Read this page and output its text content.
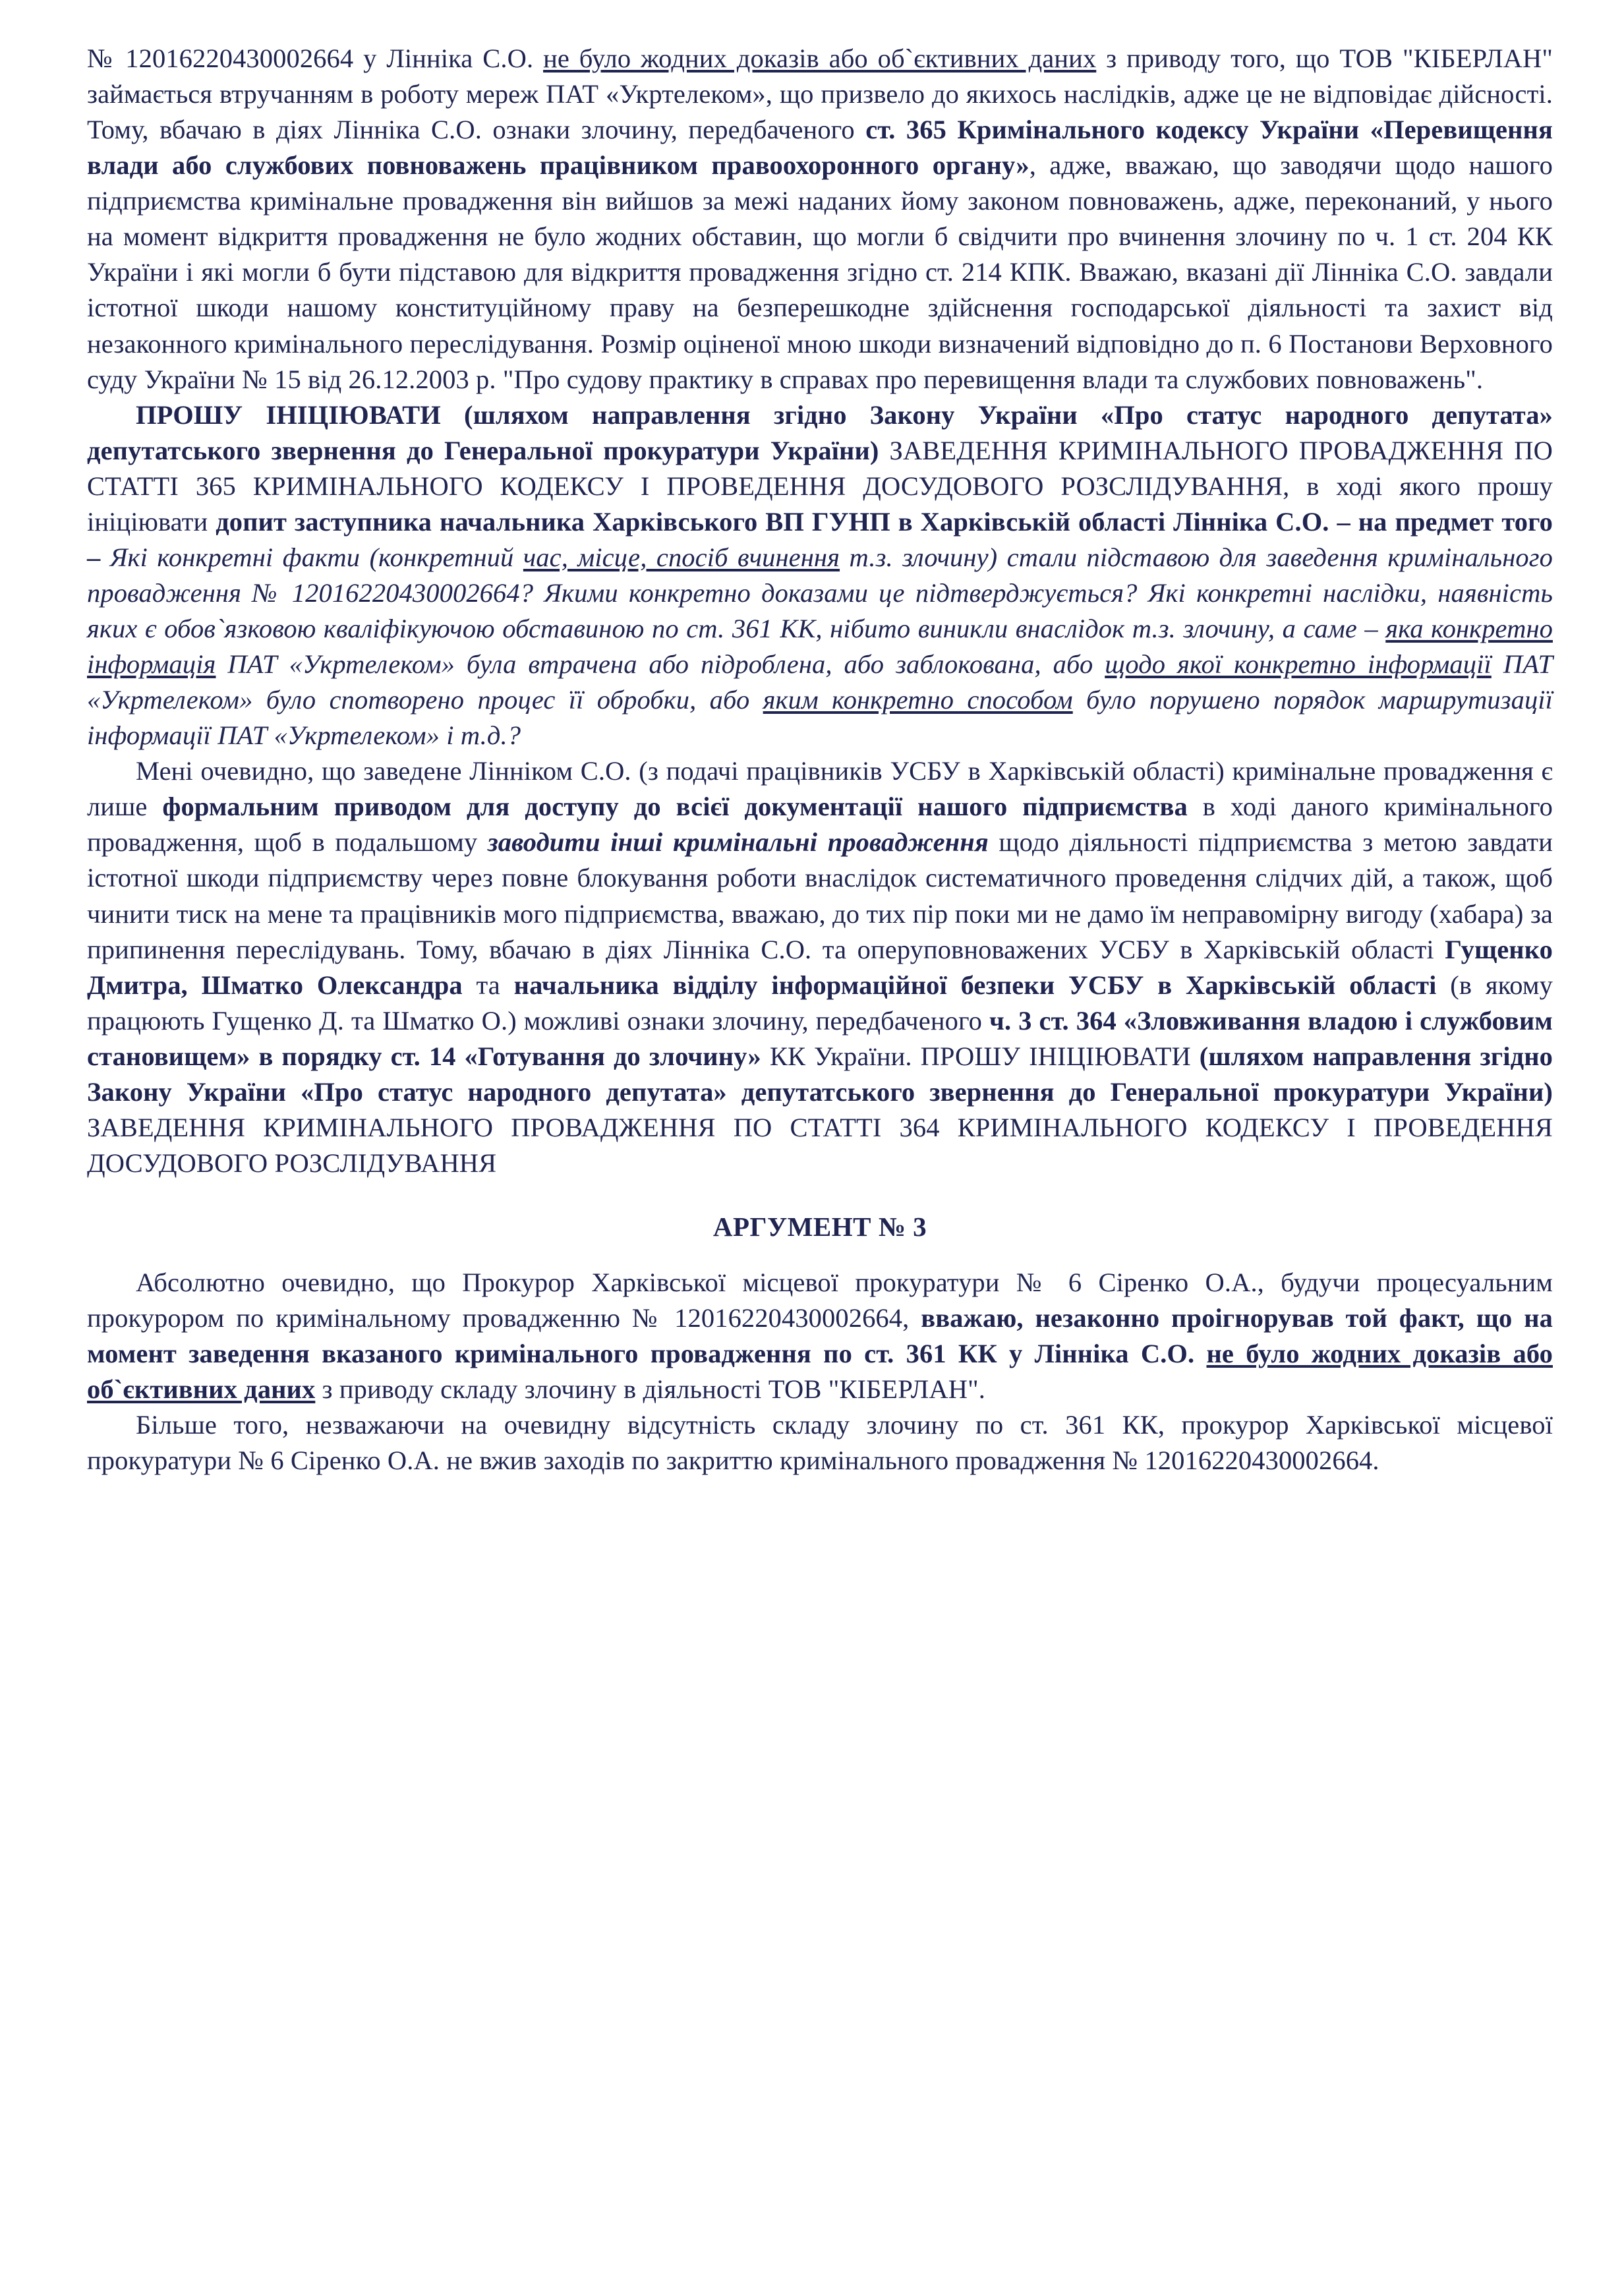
№ 12016220430002664 у Лінніка С.О. не було жодних доказів або об`єктивних даних з приводу того, що ТОВ "КІБЕРЛАН" займається втручанням в роботу мереж ПАТ «Укртелеком», що призвело до якихось наслідків, адже це не відповідає дійсності. Тому, вбачаю в діях Лінніка С.О. ознаки злочину, передбаченого ст. 365 Кримінального кодексу України «Перевищення влади або службових повноважень працівником правоохоронного органу», адже, вважаю, що заводячи щодо нашого підприємства кримінальне провадження він вийшов за межі наданих йому законом повноважень, адже, переконаний, у нього на момент відкриття провадження не було жодних обставин, що могли б свідчити про вчинення злочину по ч. 1 ст. 204 КК України і які могли б бути підставою для відкриття провадження згідно ст. 214 КПК. Вважаю, вказані дії Лінніка С.О. завдали істотної шкоди нашому конституційному праву на безперешкодне здійснення господарської діяльності та захист від незаконного кримінального переслідування. Розмір оціненої мною шкоди визначений відповідно до п. 6 Постанови Верховного суду України № 15 від 26.12.2003 р. "Про судову практику в справах про перевищення влади та службових повноважень".

ПРОШУ ІНІЦІЮВАТИ (шляхом направлення згідно Закону України «Про статус народного депутата» депутатського звернення до Генеральної прокуратури України) ЗАВЕДЕННЯ КРИМІНАЛЬНОГО ПРОВАДЖЕННЯ ПО СТАТТІ 365 КРИМІНАЛЬНОГО КОДЕКСУ І ПРОВЕДЕННЯ ДОСУДОВОГО РОЗСЛІДУВАННЯ, в ході якого прошу ініціювати допит заступника начальника Харківського ВП ГУНП в Харківській області Лінніка С.О. – на предмет того – Які конкретні факти (конкретний час, місце, спосіб вчинення т.з. злочину) стали підставою для заведення кримінального провадження № 12016220430002664? Якими конкретно доказами це підтверджується? Які конкретні наслідки, наявність яких є обов`язковою кваліфікуючою обставиною по ст. 361 КК, нібито виникли внаслідок т.з. злочину, а саме – яка конкретно інформація ПАТ «Укртелеком» була втрачена або підроблена, або заблокована, або щодо якої конкретно інформації ПАТ «Укртелеком» було спотворено процес її обробки, або яким конкретно способом було порушено порядок маршрутизації інформації ПАТ «Укртелеком» і т.д.?

Мені очевидно, що заведене Лінніком С.О. (з подачі працівників УСБУ в Харківській області) кримінальне провадження є лише формальним приводом для доступу до всієї документації нашого підприємства в ході даного кримінального провадження, щоб в подальшому заводити інші кримінальні провадження щодо діяльності підприємства з метою завдати істотної шкоди підприємству через повне блокування роботи внаслідок систематичного проведення слідчих дій, а також, щоб чинити тиск на мене та працівників мого підприємства, вважаю, до тих пір поки ми не дамо їм неправомірну вигоду (хабара) за припинення переслідувань. Тому, вбачаю в діях Лінніка С.О. та оперуповноважених УСБУ в Харківській області Гущенко Дмитра, Шматко Олександра та начальника відділу інформаційної безпеки УСБУ в Харківській області (в якому працюють Гущенко Д. та Шматко О.) можливі ознаки злочину, передбаченого ч. 3 ст. 364 «Зловживання владою і службовим становищем» в порядку ст. 14 «Готування до злочину» КК України. ПРОШУ ІНІЦІЮВАТИ (шляхом направлення згідно Закону України «Про статус народного депутата» депутатського звернення до Генеральної прокуратури України) ЗАВЕДЕННЯ КРИМІНАЛЬНОГО ПРОВАДЖЕННЯ ПО СТАТТІ 364 КРИМІНАЛЬНОГО КОДЕКСУ І ПРОВЕДЕННЯ ДОСУДОВОГО РОЗСЛІДУВАННЯ

АРГУМЕНТ № 3

Абсолютно очевидно, що Прокурор Харківської місцевої прокуратури № 6 Сіренко О.А., будучи процесуальним прокурором по кримінальному провадженню № 12016220430002664, вважаю, незаконно проігнорував той факт, що на момент заведення вказаного кримінального провадження по ст. 361 КК у Лінніка С.О. не було жодних доказів або об`єктивних даних з приводу складу злочину в діяльності ТОВ "КІБЕРЛАН".

Більше того, незважаючи на очевидну відсутність складу злочину по ст. 361 КК, прокурор Харківської місцевої прокуратури № 6 Сіренко О.А. не вжив заходів по закриттю кримінального провадження № 12016220430002664.
